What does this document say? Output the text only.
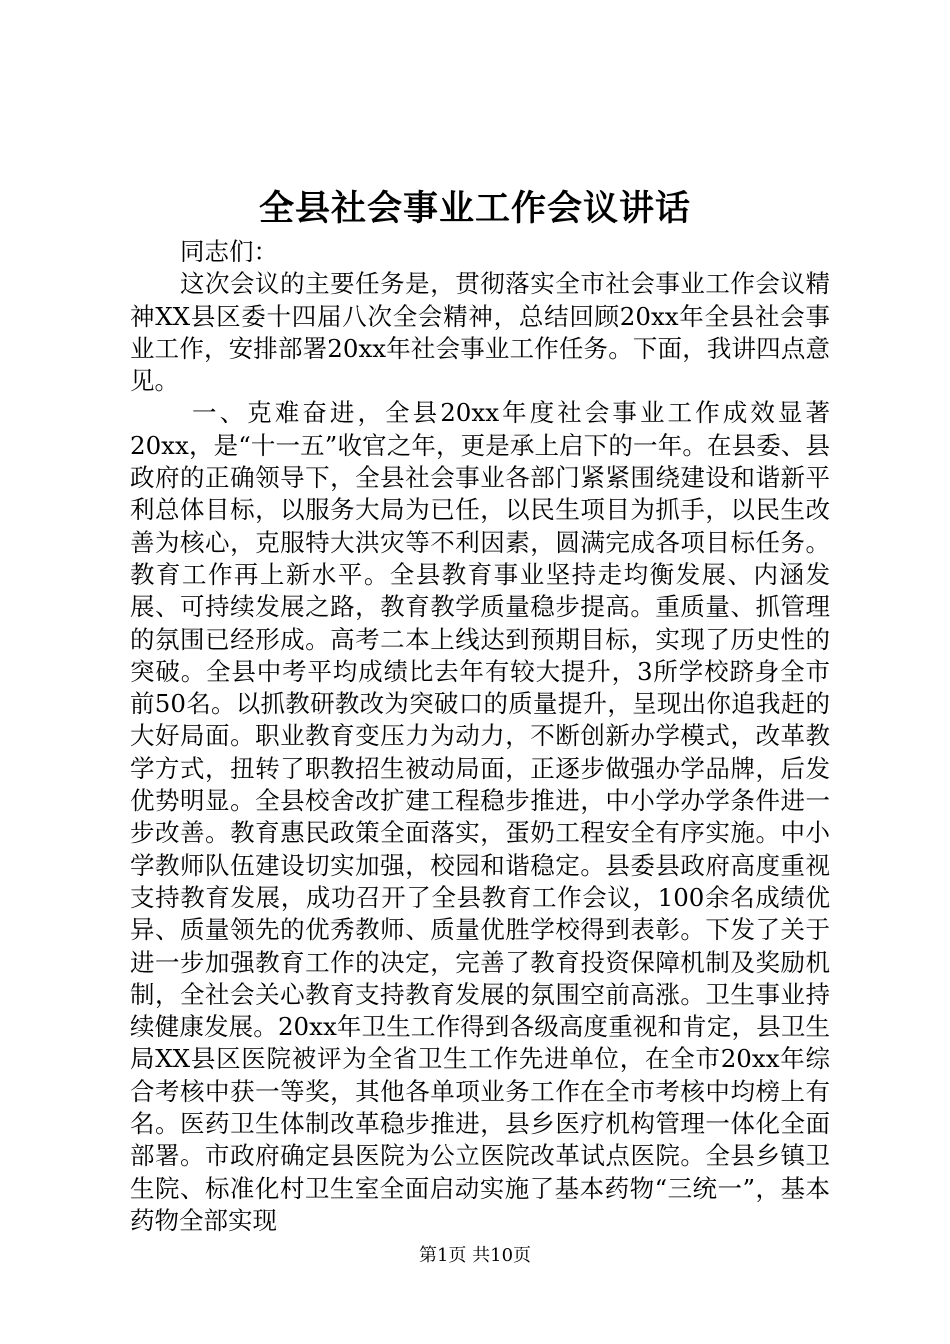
全县社会事业工作会议讲话

同志们：

这次会议的主要任务是，贯彻落实全市社会事业工作会议精神XX县区委十四届八次全会精神，总结回顾20xx年全县社会事业工作，安排部署20xx年社会事业工作任务。下面，我讲四点意见。

一、克难奋进，全县20xx年度社会事业工作成效显著20xx，是“十一五”收官之年，更是承上启下的一年。在县委、县政府的正确领导下，全县社会事业各部门紧紧围绕建设和谐新平利总体目标，以服务大局为已任，以民生项目为抓手，以民生改善为核心，克服特大洪灾等不利因素，圆满完成各项目标任务。教育工作再上新水平。全县教育事业坚持走均衡发展、内涵发展、可持续发展之路，教育教学质量稳步提高。重质量、抓管理的氛围已经形成。高考二本上线达到预期目标，实现了历史性的突破。全县中考平均成绩比去年有较大提升，3所学校跻身全市前50名。以抓教研教改为突破口的质量提升，呈现出你追我赶的大好局面。职业教育变压力为动力，不断创新办学模式，改革教学方式，扭转了职教招生被动局面，正逐步做强办学品牌，后发优势明显。全县校舍改扩建工程稳步推进，中小学办学条件进一步改善。教育惠民政策全面落实，蛋奶工程安全有序实施。中小学教师队伍建设切实加强，校园和谐稳定。县委县政府高度重视支持教育发展，成功召开了全县教育工作会议，100余名成绩优异、质量领先的优秀教师、质量优胜学校得到表彰。下发了关于进一步加强教育工作的决定，完善了教育投资保障机制及奖励机制，全社会关心教育支持教育发展的氛围空前高涨。卫生事业持续健康发展。20xx年卫生工作得到各级高度重视和肯定，县卫生局XX县区医院被评为全省卫生工作先进单位，在全市20xx年综合考核中获一等奖，其他各单项业务工作在全市考核中均榜上有名。医药卫生体制改革稳步推进，县乡医疗机构管理一体化全面部署。市政府确定县医院为公立医院改革试点医院。全县乡镇卫生院、标准化村卫生室全面启动实施了基本药物“三统一”，基本药物全部实现

第1页 共10页
